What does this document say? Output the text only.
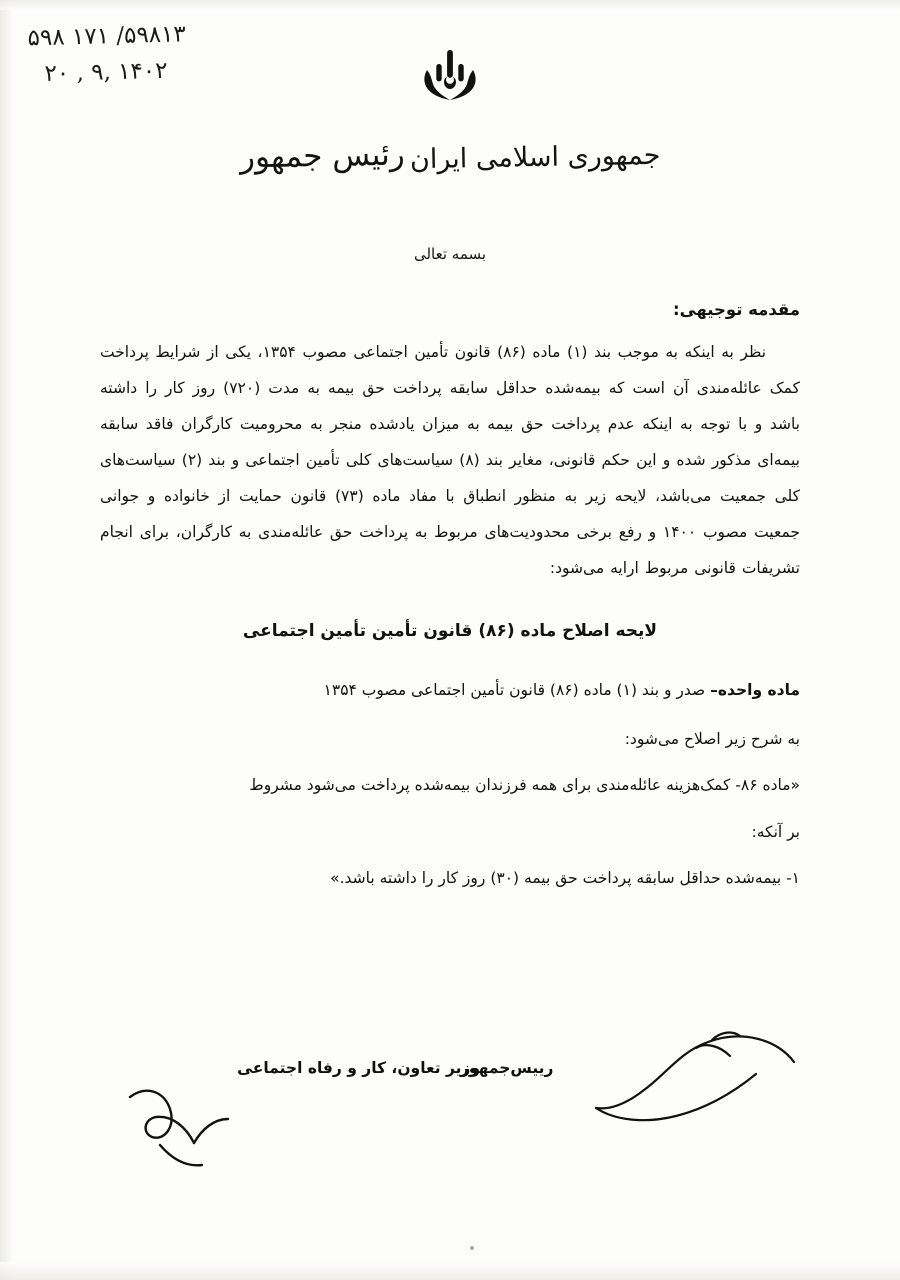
۵۹۸۱۳/ ۱۷۱ ۵۹۸
۱۴۰۲ ,۹ , ۲۰
جمهوری اسلامی ایران رئیس جمهور
بسمه تعالی
مقدمه توجیهی:
نظر به اینکه به موجب بند (۱) ماده (۸۶) قانون تأمین اجتماعی مصوب ۱۳۵۴، یکی از شرایط پرداخت کمک عائله‌مندی آن است که بیمه‌شده حداقل سابقه پرداخت حق بیمه به مدت (۷۲۰) روز کار را داشته باشد و با توجه به اینکه عدم پرداخت حق بیمه به میزان یادشده منجر به محرومیت کارگران فاقد سابقه بیمه‌ای مذکور شده و این حکم قانونی، مغایر بند (۸) سیاست‌های کلی تأمین اجتماعی و بند (۲) سیاست‌های کلی جمعیت می‌باشد، لایحه زیر به منظور انطباق با مفاد ماده (۷۳) قانون حمایت از خانواده و جوانی جمعیت مصوب ۱۴۰۰ و رفع برخی محدودیت‌های مربوط به پرداخت حق عائله‌مندی به کارگران، برای انجام تشریفات قانونی مربوط ارایه می‌شود:
لایحه اصلاح ماده (۸۶) قانون تأمین تأمین اجتماعی
ماده واحده– صدر و بند (۱) ماده (۸۶) قانون تأمین اجتماعی مصوب ۱۳۵۴
به شرح زیر اصلاح می‌شود:
«ماده ۸۶- کمک‌هزینه عائله‌مندی برای همه فرزندان بیمه‌شده پرداخت می‌شود مشروط
بر آنکه:
۱- بیمه‌شده حداقل سابقه پرداخت حق بیمه (۳۰) روز کار را داشته باشد.»
رییس‌جمهور
وزیر تعاون، کار و رفاه اجتماعی
